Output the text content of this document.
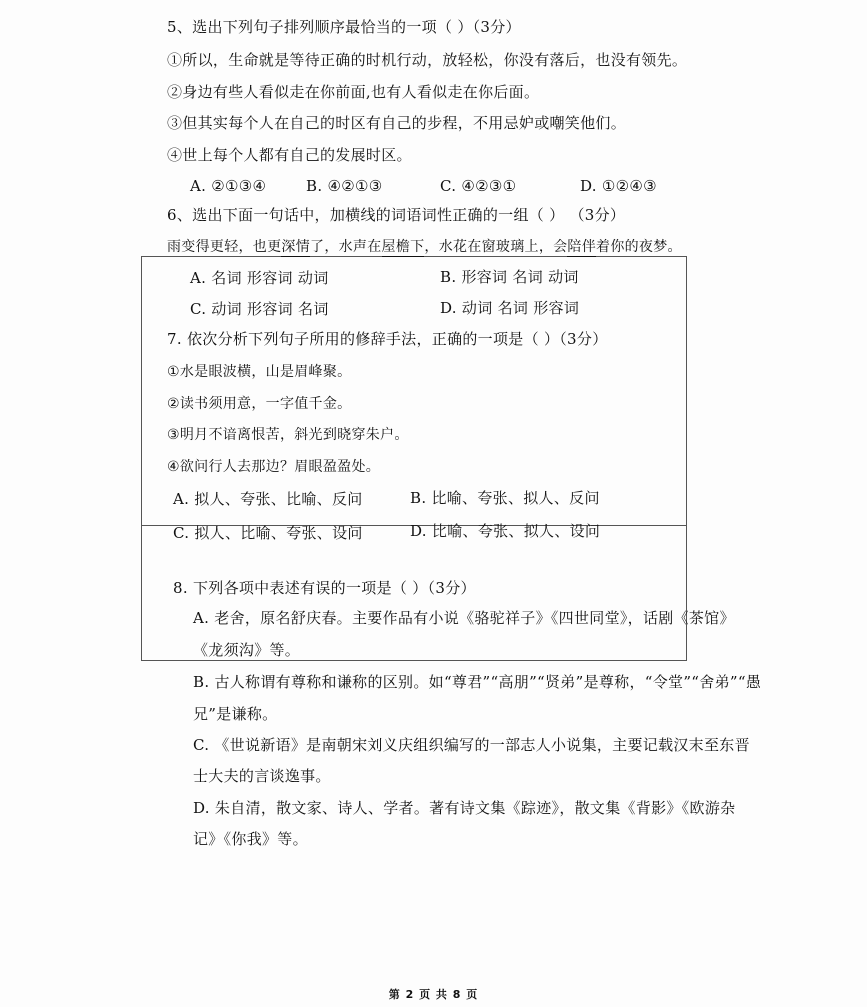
5、选出下列句子排列顺序最恰当的一项（ ）（3分）
①所以，生命就是等待正确的时机行动，放轻松，你没有落后，也没有领先。
②身边有些人看似走在你前面,也有人看似走在你后面。
③但其实每个人在自己的时区有自己的步程，不用忌妒或嘲笑他们。
④世上每个人都有自己的发展时区。
A. ②①③④	B. ④②①③	C. ④②③①	D. ①②④③
6、选出下面一句话中，加横线的词语词性正确的一组（ ） （3分）
雨变得更轻，也更深情了，水声在屋檐下，水花在窗玻璃上，会陪伴着你的夜梦。
A. 名词 形容词 动词	B. 形容词 名词 动词
C. 动词 形容词 名词	D. 动词 名词 形容词
7. 依次分析下列句子所用的修辞手法，正确的一项是（ ）（3分）
①水是眼波横，山是眉峰聚。
②读书须用意，一字值千金。
③明月不谙离恨苦，斜光到晓穿朱户。
④欲问行人去那边？眉眼盈盈处。
A. 拟人、夸张、比喻、反问	B. 比喻、夸张、拟人、反问
C. 拟人、比喻、夸张、设问	D. 比喻、夸张、拟人、设问
8. 下列各项中表述有误的一项是（ ）（3分）
A. 老舍，原名舒庆春。主要作品有小说《骆驼祥子》《四世同堂》，话剧《茶馆》
《龙须沟》等。
B. 古人称谓有尊称和谦称的区别。如“尊君”“高朋”“贤弟”是尊称，“令堂”“舍弟”“愚
兄”是谦称。
C. 《世说新语》是南朝宋刘义庆组织编写的一部志人小说集，主要记载汉末至东晋
士大夫的言谈逸事。
D. 朱自清，散文家、诗人、学者。著有诗文集《踪迹》，散文集《背影》《欧游杂
记》《你我》等。
第 2 页 共 8 页
